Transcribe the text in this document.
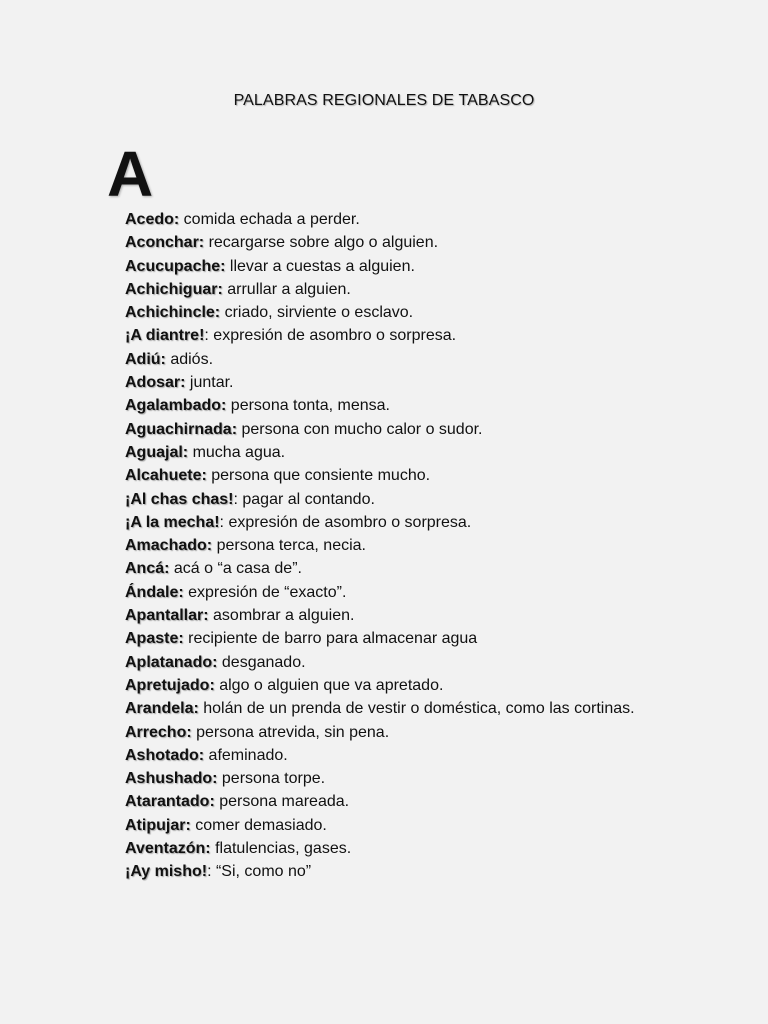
PALABRAS REGIONALES DE TABASCO
A
Acedo: comida echada a perder.
Aconchar: recargarse sobre algo o alguien.
Acucupache: llevar a cuestas a alguien.
Achichiguar: arrullar a alguien.
Achichincle: criado, sirviente o esclavo.
¡A diantre!: expresión de asombro o sorpresa.
Adiú: adiós.
Adosar: juntar.
Agalambado: persona tonta, mensa.
Aguachirnada: persona con mucho calor o sudor.
Aguajal: mucha agua.
Alcahuete: persona que consiente mucho.
¡Al chas chas!: pagar al contando.
¡A la mecha!: expresión de asombro o sorpresa.
Amachado: persona terca, necia.
Ancá: acá o “a casa de”.
Ándale: expresión de “exacto”.
Apantallar: asombrar a alguien.
Apaste: recipiente de barro para almacenar agua
Aplatanado: desganado.
Apretujado: algo o alguien que va apretado.
Arandela: holán de un prenda de vestir o doméstica, como las cortinas.
Arrecho: persona atrevida, sin pena.
Ashotado: afeminado.
Ashushado: persona torpe.
Atarantado: persona mareada.
Atipujar: comer demasiado.
Aventazón: flatulencias, gases.
¡Ay misho!: “Si, como no”
